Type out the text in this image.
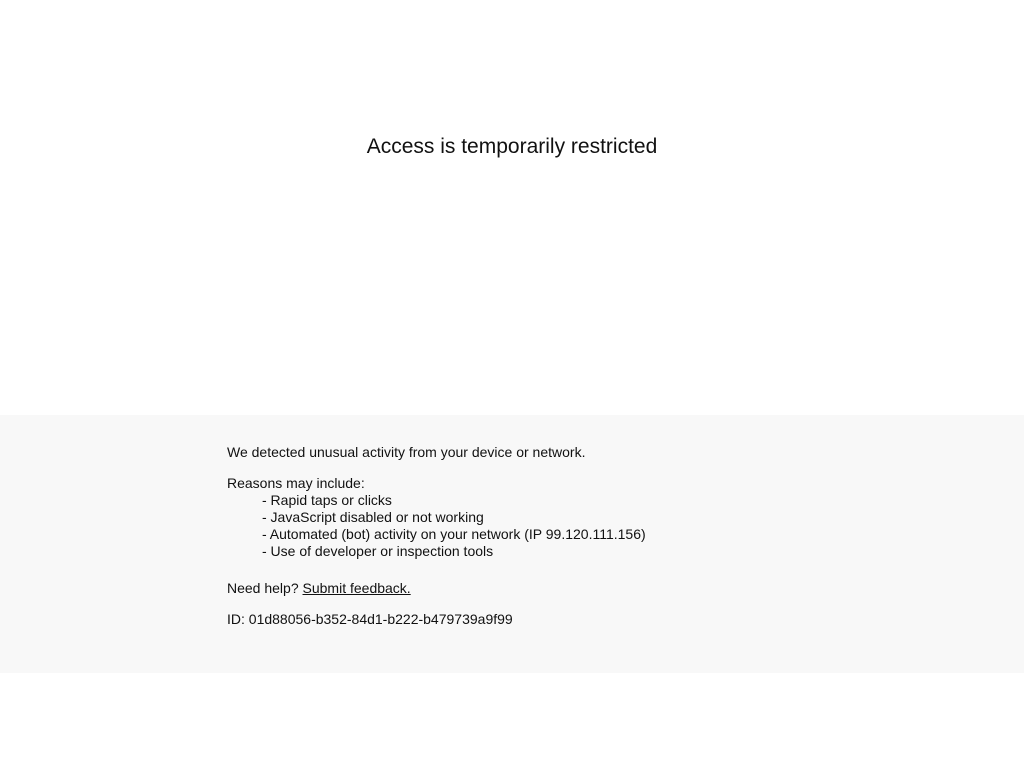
Access is temporarily restricted

We detected unusual activity from your device or network.

Reasons may include:

- Rapid taps or clicks
- JavaScript disabled or not working
- Automated (bot) activity on your network (IP 99.120.111.156)
- Use of developer or inspection tools

Need help? Submit feedback.

ID: 01d88056-b352-84d1-b222-b479739a9f99
